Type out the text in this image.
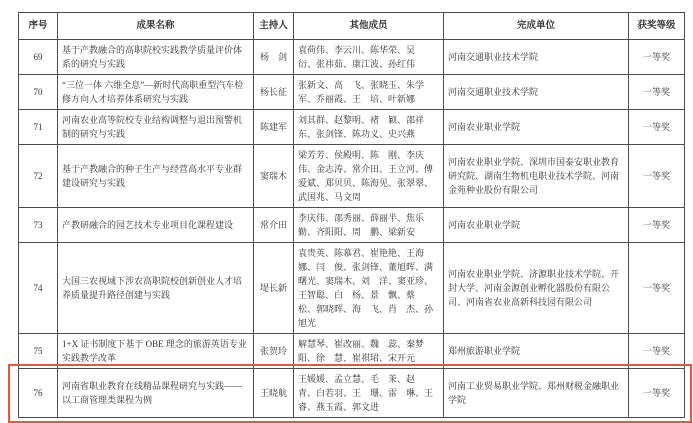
序号	成果名称	主持人	其他成员	完成单位	获奖等级
69	基于产教融合的高职院校实践教学质量评价体系的研究与实践	杨　剑	袁荷伟、李云川、陈华荣、吴　衍、张祎茹、康江波、孙红伟	河南交通职业技术学院	一等奖
70	“三位一体 六维全息”—新时代高职重型汽车检修方向人才培养体系研究与实践	杨长征	张新文、高　飞、张晓玉、朱学军、乔丽霞、王　培、叶新娜	河南交通职业技术学院	一等奖
71	河南农业高等院校专业结构调整与退出预警机制的研究与实践	陈建军	刘其群、赵黎明、褚　颖、邵祥东、张剑锋、陈功义、史兴燕	河南农业职业学院	一等奖
72	基于产教融合的种子生产与经营高水平专业群建设研究与实践	窦瑞木	梁芳芳、侯殿明、陈　刚、李庆伟、金志涛、常介田、王立河、傅爱斌、郑贝贝、陈海见、张翠翠、武国兆、马文周	河南农业职业学院、深圳市国泰安职业教育研究院、湖南生物机电职业技术学院、河南金苑种业股份有限公司	一等奖
73	产教研融合的园艺技术专业项目化课程建设	常介田	李庆伟、邵秀丽、薛丽半、焦乐勤、齐阳阳、周　鹏、梁新安	河南农业职业学院	一等奖
74	大国三农视域下涉农高职院校创新创业人才培养质量提升路径创建与实践	堤长新	袁贵英、陈慕君、崔艳艳、王海娜、闫　俊、张剑锋、董旭晖、满曙光、窦瑞木、刘　洋、窦亚珍、王智聪、白　杨、景　飘、蔡　松、郭晓晖、海　飞、肖　杰、孙旭光	河南农业职业学院、济源职业技术学院、开封大学、河南金源创业孵化器股份有限公司、河南省农业高新科技园有限公司	一等奖
75	1+X 证书制度下基于 OBE 理念的旅游英语专业实践教学改革	张贺玲	解慧琴、崔改丽、魏　蕊、秦梦阳、徐　慧、崔祺珺、宋开元	郑州旅游职业学院	一等奖
76	河南省职业教育在线精品课程研究与实践——以工商管理类课程为例	王晓航	王媛媛、孟立慧、毛　茉、赵　青、白若羽、王　珊、雷　琳、王　睿、燕玉霞、郭文进	河南工业贸易职业学院、郑州财税金融职业学院	一等奖
